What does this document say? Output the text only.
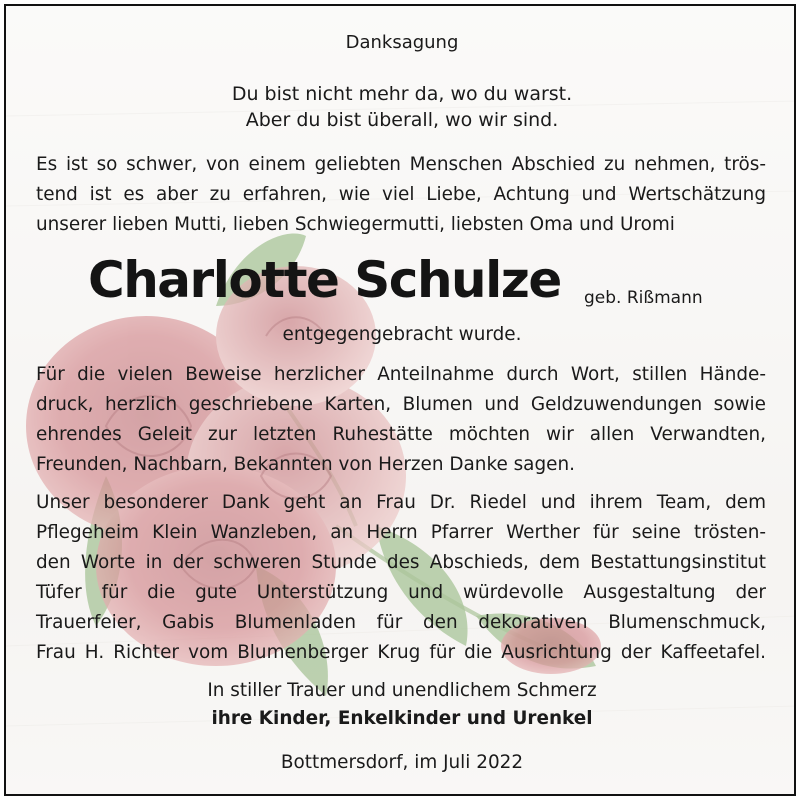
Danksagung
Du bist nicht mehr da, wo du warst.
Aber du bist überall, wo wir sind.
Es ist so schwer, von einem geliebten Menschen Abschied zu nehmen, trös-
tend ist es aber zu erfahren, wie viel Liebe, Achtung und Wertschätzung
unserer lieben Mutti, lieben Schwiegermutti, liebsten Oma und Uromi
Charlotte Schulze geb. Rißmann
entgegengebracht wurde.
Für die vielen Beweise herzlicher Anteilnahme durch Wort, stillen Hände-
druck, herzlich geschriebene Karten, Blumen und Geldzuwendungen sowie
ehrendes Geleit zur letzten Ruhestätte möchten wir allen Verwandten,
Freunden, Nachbarn, Bekannten von Herzen Danke sagen.
Unser besonderer Dank geht an Frau Dr. Riedel und ihrem Team, dem
Pflegeheim Klein Wanzleben, an Herrn Pfarrer Werther für seine trösten-
den Worte in der schweren Stunde des Abschieds, dem Bestattungsinstitut
Tüfer für die gute Unterstützung und würdevolle Ausgestaltung der
Trauerfeier, Gabis Blumenladen für den dekorativen Blumenschmuck,
Frau H. Richter vom Blumenberger Krug für die Ausrichtung der Kaffeetafel.
In stiller Trauer und unendlichem Schmerz
ihre Kinder, Enkelkinder und Urenkel
Bottmersdorf, im Juli 2022
